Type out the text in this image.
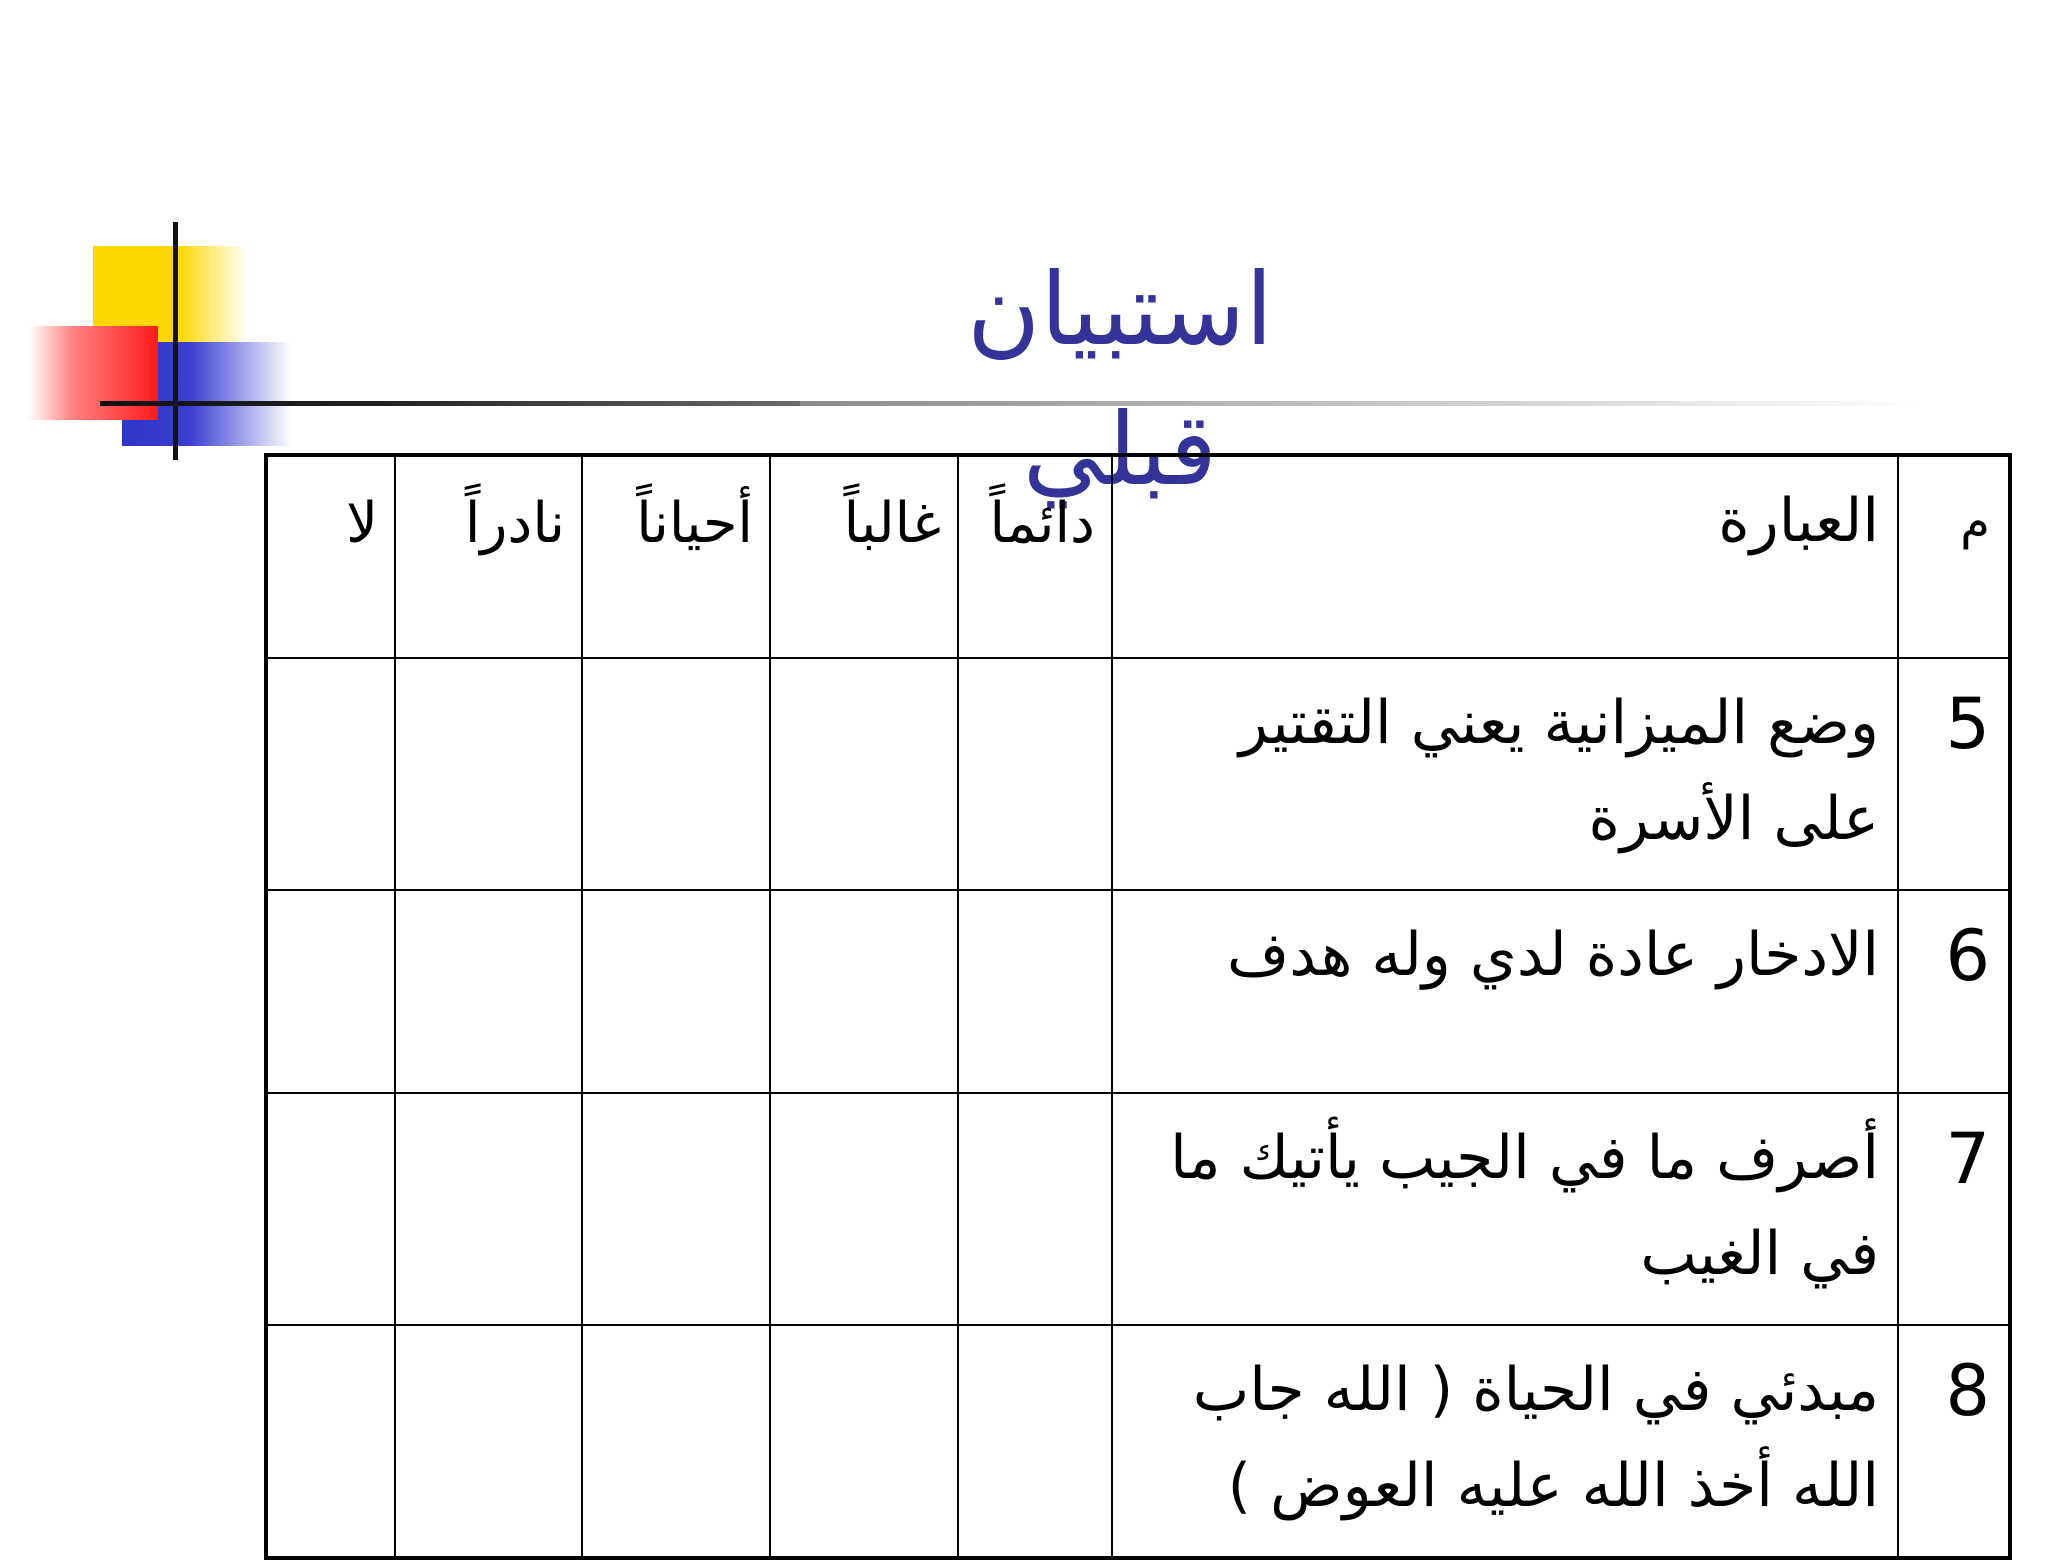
استبيان قبلي
م	العبارة	دائماً	غالباً	أحياناً	نادراً	لا
5	وضع الميزانية يعني التقتير على الأسرة					
6	الادخار عادة لدي وله هدف					
7	أصرف ما في الجيب يأتيك ما في الغيب					
8	مبدئي في الحياة ( الله جاب الله أخذ الله عليه العوض )					
